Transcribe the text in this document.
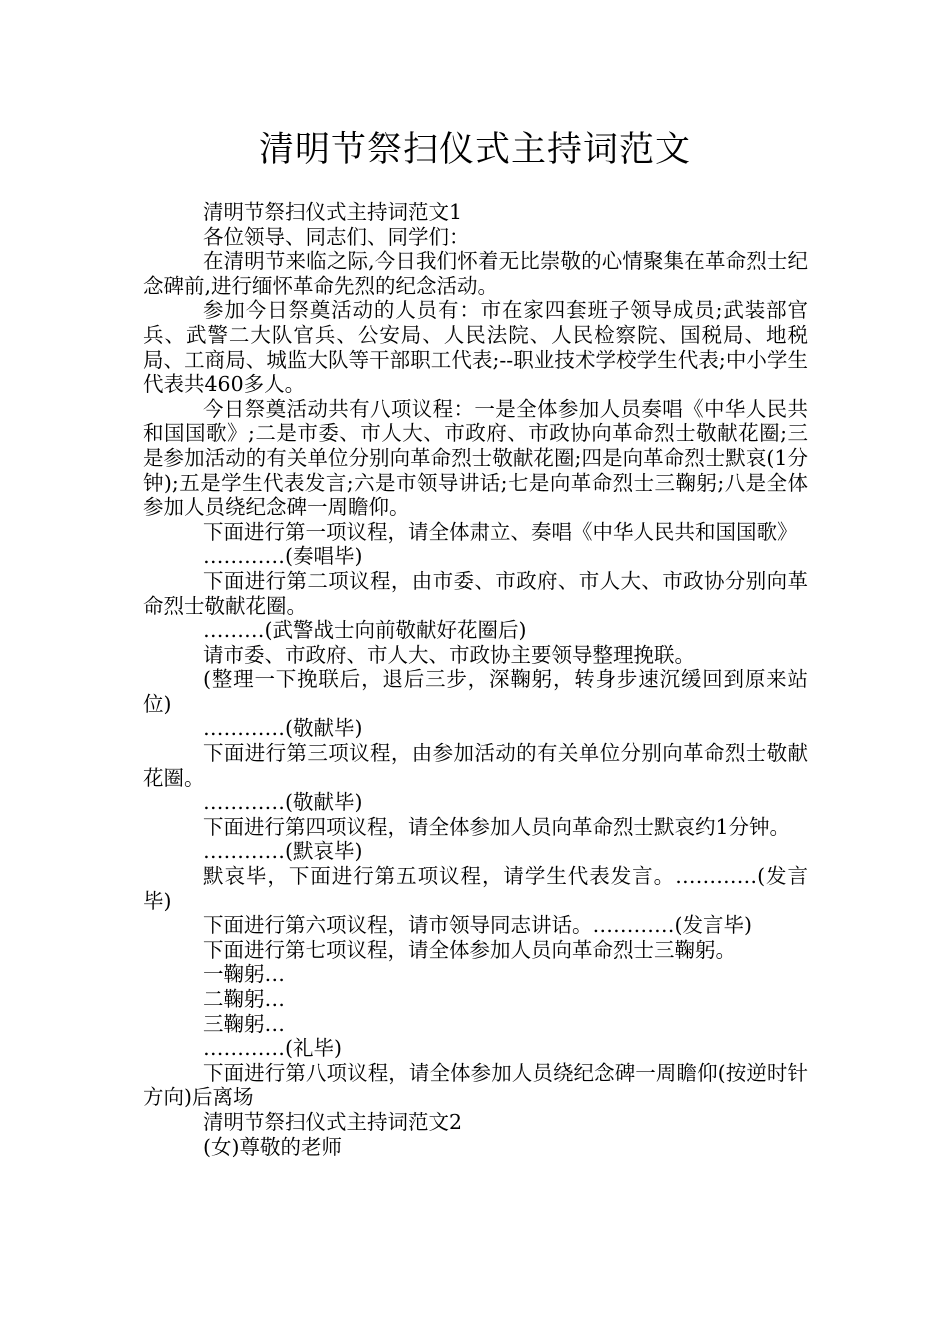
清明节祭扫仪式主持词范文

清明节祭扫仪式主持词范文1

各位领导、同志们、同学们：

在清明节来临之际,今日我们怀着无比崇敬的心情聚集在革命烈士纪念碑前,进行缅怀革命先烈的纪念活动。

参加今日祭奠活动的人员有：市在家四套班子领导成员;武装部官兵、武警二大队官兵、公安局、人民法院、人民检察院、国税局、地税局、工商局、城监大队等干部职工代表;--职业技术学校学生代表;中小学生代表共460多人。

今日祭奠活动共有八项议程：一是全体参加人员奏唱《中华人民共和国国歌》;二是市委、市人大、市政府、市政协向革命烈士敬献花圈;三是参加活动的有关单位分别向革命烈士敬献花圈;四是向革命烈士默哀(1分钟);五是学生代表发言;六是市领导讲话;七是向革命烈士三鞠躬;八是全体参加人员绕纪念碑一周瞻仰。

下面进行第一项议程，请全体肃立、奏唱《中华人民共和国国歌》

…………(奏唱毕)

下面进行第二项议程，由市委、市政府、市人大、市政协分别向革命烈士敬献花圈。

………(武警战士向前敬献好花圈后)

请市委、市政府、市人大、市政协主要领导整理挽联。

(整理一下挽联后，退后三步，深鞠躬，转身步速沉缓回到原来站位)

…………(敬献毕)

下面进行第三项议程，由参加活动的有关单位分别向革命烈士敬献花圈。

…………(敬献毕)

下面进行第四项议程，请全体参加人员向革命烈士默哀约1分钟。

…………(默哀毕)

默哀毕，下面进行第五项议程，请学生代表发言。…………(发言毕)

下面进行第六项议程，请市领导同志讲话。…………(发言毕)

下面进行第七项议程，请全体参加人员向革命烈士三鞠躬。

一鞠躬…

二鞠躬…

三鞠躬…

…………(礼毕)

下面进行第八项议程，请全体参加人员绕纪念碑一周瞻仰(按逆时针方向)后离场

清明节祭扫仪式主持词范文2

(女)尊敬的老师
